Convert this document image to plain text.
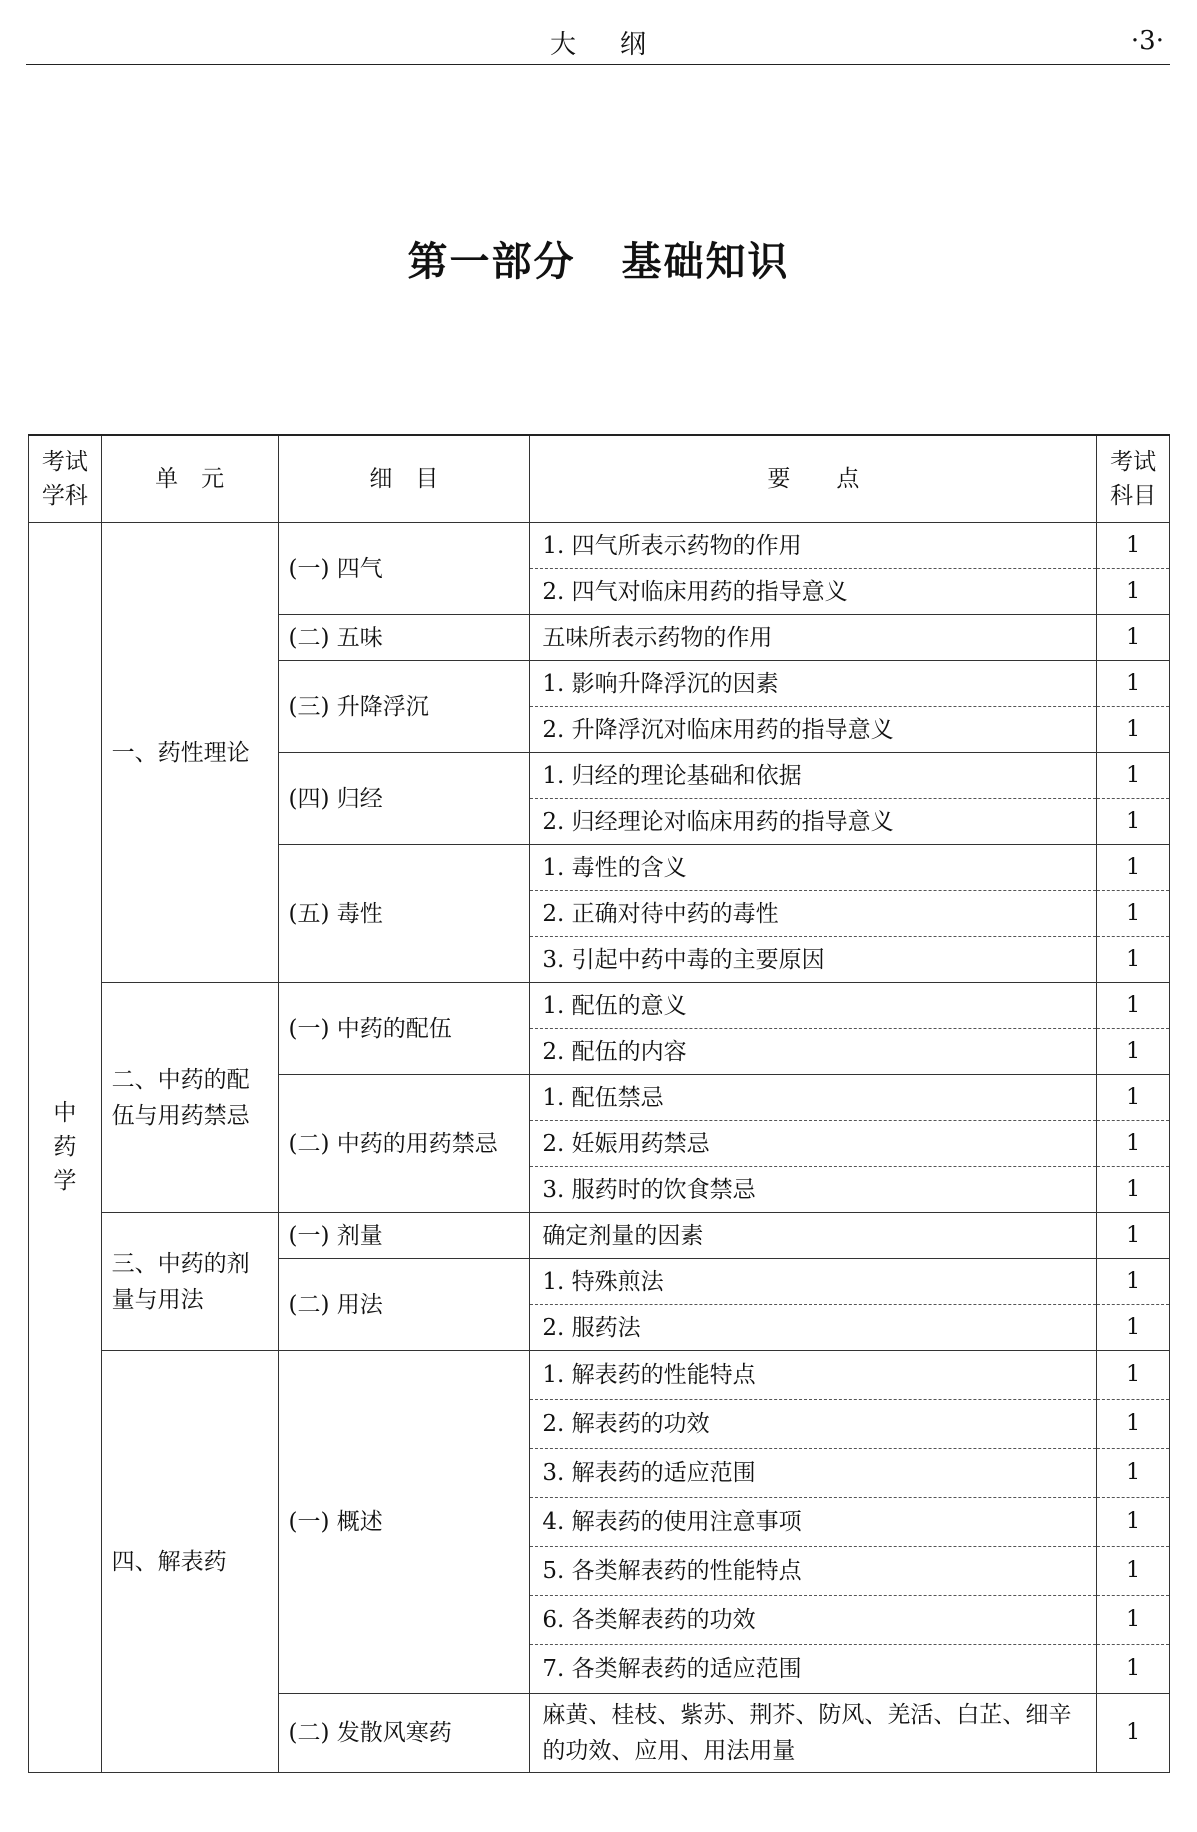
大纲	·3·
第一部分 基础知识
考试学科	单　元	细　目	要　　点	考试科目
中药学	一、药性理论	(一) 四气	1. 四气所表示药物的作用	1
			2. 四气对临床用药的指导意义	1
		(二) 五味	五味所表示药物的作用	1
		(三) 升降浮沉	1. 影响升降浮沉的因素	1
			2. 升降浮沉对临床用药的指导意义	1
		(四) 归经	1. 归经的理论基础和依据	1
			2. 归经理论对临床用药的指导意义	1
		(五) 毒性	1. 毒性的含义	1
			2. 正确对待中药的毒性	1
			3. 引起中药中毒的主要原因	1
	二、中药的配伍与用药禁忌	(一) 中药的配伍	1. 配伍的意义	1
			2. 配伍的内容	1
		(二) 中药的用药禁忌	1. 配伍禁忌	1
			2. 妊娠用药禁忌	1
			3. 服药时的饮食禁忌	1
	三、中药的剂量与用法	(一) 剂量	确定剂量的因素	1
		(二) 用法	1. 特殊煎法	1
			2. 服药法	1
	四、解表药	(一) 概述	1. 解表药的性能特点	1
			2. 解表药的功效	1
			3. 解表药的适应范围	1
			4. 解表药的使用注意事项	1
			5. 各类解表药的性能特点	1
			6. 各类解表药的功效	1
			7. 各类解表药的适应范围	1
		(二) 发散风寒药	麻黄、桂枝、紫苏、荆芥、防风、羌活、白芷、细辛的功效、应用、用法用量	1
